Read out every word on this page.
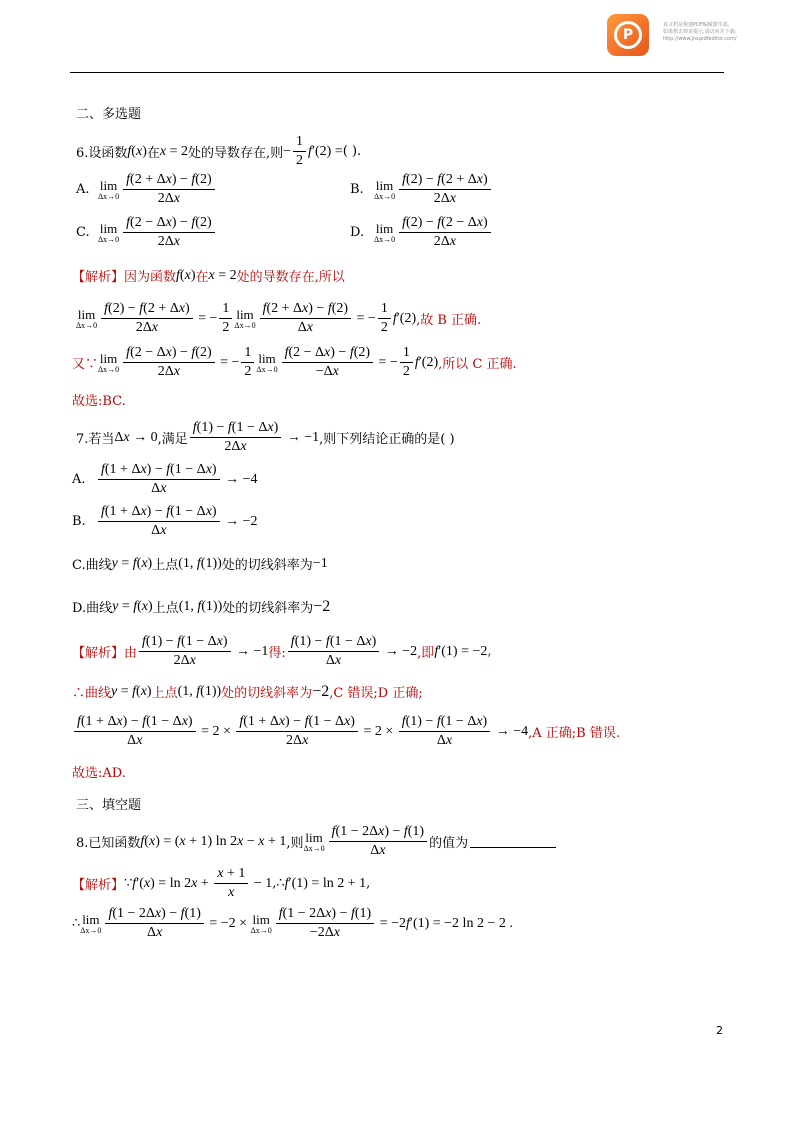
P
该文档是极速PDF编辑器生成,
如果想去掉该提示,请访问并下载:
http://www.jisupdfeditor.com/
二、多选题
6.设函数 f(x) 在 x = 2 处的导数存在,则 − $\frac{1}{2} f'(2)$ = ( ).
A. lim
$\Delta x\to 0 \frac{f(2 + \Delta x) - f(2)}{2\Delta x}$	B. lim
$\Delta x\to 0 \frac{f(2) - f(2 + \Delta x)}{2\Delta x}$
C. lim
$\Delta x\to 0 \frac{f(2 - \Delta x) - f(2)}{2\Delta x}$	D. lim
$\Delta x\to 0 \frac{f(2) - f(2 - \Delta x)}{2\Delta x}$
【解析】 因为函数 f(x) 在 x = 2 处的导数存在,所以
lim
$\Delta x\to 0 \frac{f(2) - f(2 + \Delta x)}{2\Delta x}$ = − $\frac{1}{2}$ lim
$\Delta x\to 0 \frac{f(2 + \Delta x) - f(2)}{\Delta x}$ = − $\frac{1}{2} f'(2)$ ,故 B 正确.
又∵ lim
$\Delta x\to 0 \frac{f(2 - \Delta x) - f(2)}{2\Delta x}$ = − $\frac{1}{2}$ lim
$\Delta x\to 0 \frac{f(2 - \Delta x) - f(2)}{-\Delta x}$ = − $\frac{1}{2} f'(2)$ ,所以 C 正确.
故选:BC.
7.若当 Δx → 0 ,满足 $\frac{f(1) - f(1 - \Delta x)}{2\Delta x} \to -1$ ,则下列结论正确的是( )
A. $\frac{f(1 + \Delta x) - f(1 - \Delta x)}{\Delta x} \to -4$
B. $\frac{f(1 + \Delta x) - f(1 - \Delta x)}{\Delta x} \to -2$
C.曲线 y = f(x) 上点 (1, f(1)) 处的切线斜率为 −1
D.曲线 y = f(x) 上点 (1, f(1)) 处的切线斜率为 −2
【解析】 由 $\frac{f(1) - f(1 - \Delta x)}{2\Delta x} \to -1$ 得: $\frac{f(1) - f(1 - \Delta x)}{\Delta x} \to -2$ ,即 f′(1) = −2 ,
∴曲线 y = f(x) 上点 (1, f(1)) 处的切线斜率为 −2 ,C 错误;D 正确;
$\frac{f(1 + \Delta x) - f(1 - \Delta x)}{\Delta x} = 2 \times \frac{f(1 + \Delta x) - f(1 - \Delta x)}{2\Delta x} = 2 \times \frac{f(1) - f(1 - \Delta x)}{\Delta x} \to -4$ ,A 正确;B 错误.
故选:AD.
三、填空题
8.已知函数 f(x) = (x + 1) ln 2x − x + 1 ,则 lim
$\Delta x\to 0 \frac{f(1 - 2\Delta x) - f(1)}{\Delta x}$ 的值为
【解析】 ∵ $f'(x) = \ln 2x + \frac{x + 1}{x} - 1$ ,∴ f′(1) = ln 2 + 1 ,
∴ lim
$\Delta x\to 0 \frac{f(1 - 2\Delta x) - f(1)}{\Delta x} = -2 \times \lim$
$\Delta x\to 0 \frac{f(1 - 2\Delta x) - f(1)}{-2\Delta x} = -2f'(1) = -2$ ln 2 − 2 .
2
